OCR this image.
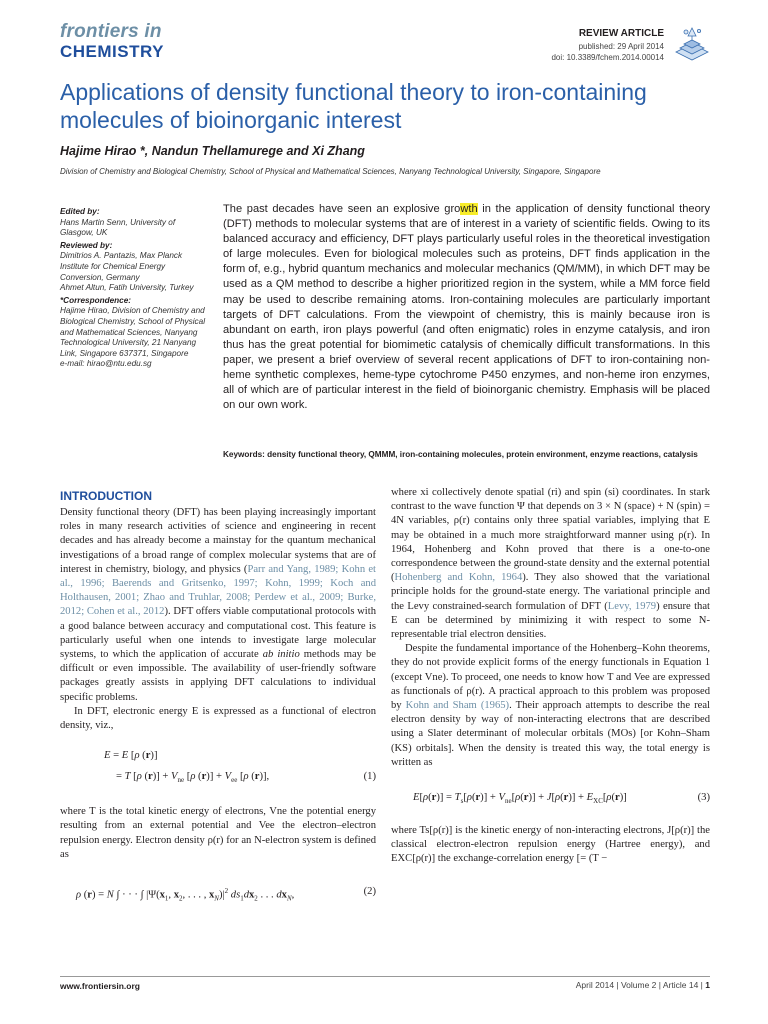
frontiers in
CHEMISTRY
REVIEW ARTICLE
published: 29 April 2014
doi: 10.3389/fchem.2014.00014
Applications of density functional theory to iron-containing molecules of bioinorganic interest
Hajime Hirao *, Nandun Thellamurege and Xi Zhang
Division of Chemistry and Biological Chemistry, School of Physical and Mathematical Sciences, Nanyang Technological University, Singapore, Singapore
Edited by:
Hans Martin Senn, University of Glasgow, UK
Reviewed by:
Dimitrios A. Pantazis, Max Planck Institute for Chemical Energy Conversion, Germany
Ahmet Altun, Fatih University, Turkey
*Correspondence:
Hajime Hirao, Division of Chemistry and Biological Chemistry, School of Physical and Mathematical Sciences, Nanyang Technological University, 21 Nanyang Link, Singapore 637371, Singapore
e-mail: hirao@ntu.edu.sg
The past decades have seen an explosive growth in the application of density functional theory (DFT) methods to molecular systems that are of interest in a variety of scientific fields. Owing to its balanced accuracy and efficiency, DFT plays particularly useful roles in the theoretical investigation of large molecules. Even for biological molecules such as proteins, DFT finds application in the form of, e.g., hybrid quantum mechanics and molecular mechanics (QM/MM), in which DFT may be used as a QM method to describe a higher prioritized region in the system, while a MM force field may be used to describe remaining atoms. Iron-containing molecules are particularly important targets of DFT calculations. From the viewpoint of chemistry, this is mainly because iron is abundant on earth, iron plays powerful (and often enigmatic) roles in enzyme catalysis, and iron thus has the great potential for biomimetic catalysis of chemically difficult transformations. In this paper, we present a brief overview of several recent applications of DFT to iron-containing non-heme synthetic complexes, heme-type cytochrome P450 enzymes, and non-heme iron enzymes, all of which are of particular interest in the field of bioinorganic chemistry. Emphasis will be placed on our own work.
Keywords: density functional theory, QMMM, iron-containing molecules, protein environment, enzyme reactions, catalysis
INTRODUCTION

Density functional theory (DFT) has been playing increasingly important roles in many research activities of science and engineering in recent decades and has already become a mainstay for the quantum mechanical investigations of a broad range of complex molecular systems that are of interest in chemistry, biology, and physics (Parr and Yang, 1989; Kohn et al., 1996; Baerends and Gritsenko, 1997; Kohn, 1999; Koch and Holthausen, 2001; Zhao and Truhlar, 2008; Perdew et al., 2009; Burke, 2012; Cohen et al., 2012). DFT offers viable computational protocols with a good balance between accuracy and computational cost. This feature is particularly useful when one intends to investigate large molecular systems, to which the application of accurate ab initio methods may be difficult or even impossible. The availability of user-friendly software packages greatly assists in applying DFT calculations to individual specific problems.

In DFT, electronic energy E is expressed as a functional of electron density, viz.,

E = E [ρ (r)]
= T [ρ $(r)] + V_{ne}$ [ρ $(r)] + V_{ee}$ [ρ (r)],	(1)

where T is the total kinetic energy of electrons, Vne the potential energy resulting from an external potential and Vee the electron–electron repulsion energy. Electron density ρ(r) for an N-electron system is defined as

ρ (r) = N ∫ · · · ∫ $|\Psi(x_1$, $x_2$, . . . , $x_N)|^2$ $ds_1dx_2$ . . . $dx_N$,	(2)

where xi collectively denote spatial (ri) and spin (si) coordinates. In stark contrast to the wave function Ψ that depends on 3 × N (space) + N (spin) = 4N variables, ρ(r) contains only three spatial variables, implying that E may be obtained in a much more straightforward manner using ρ(r). In 1964, Hohenberg and Kohn proved that there is a one-to-one correspondence between the ground-state density and the external potential (Hohenberg and Kohn, 1964). They also showed that the variational principle holds for the ground-state energy. The variational principle and the Levy constrained-search formulation of DFT (Levy, 1979) ensure that E can be determined by minimizing it with respect to some N-representable trial electron densities.

Despite the fundamental importance of the Hohenberg–Kohn theorems, they do not provide explicit forms of the energy functionals in Equation 1 (except Vne). To proceed, one needs to know how T and Vee are expressed as functionals of ρ(r). A practical approach to this problem was proposed by Kohn and Sham (1965). Their approach attempts to describe the real electron density by way of non-interacting electrons that are described using a Slater determinant of molecular orbitals (MOs) [or Kohn–Sham (KS) orbitals]. When the density is treated this way, the total energy is written as

$E[\rho(r)] = T_s[\rho(r)] + V_{ne}[\rho(r)] + J[\rho(r)] + E_{XC}[\rho(r)]$	(3)

where Ts[ρ(r)] is the kinetic energy of non-interacting electrons, J[ρ(r)] the classical electron-electron repulsion energy (Hartree energy), and EXC[ρ(r)] the exchange-correlation energy [= (T −

www.frontiersin.org	April 2014 | Volume 2 | Article 14 | 1
